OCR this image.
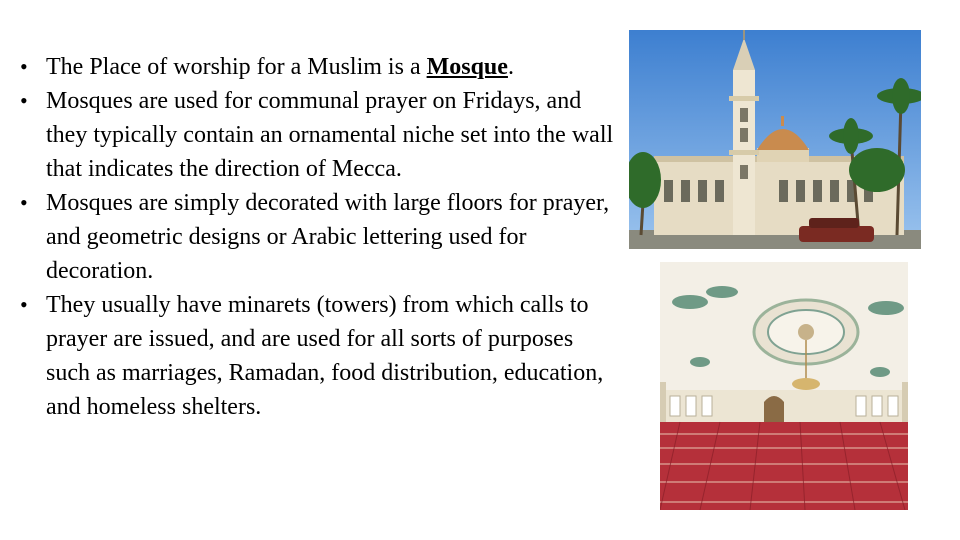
• The Place of worship for a Muslim is a Mosque.
• Mosques are used for communal prayer on Fridays, and they typically contain an ornamental niche set into the wall that indicates the direction of Mecca.
• Mosques are simply decorated with large floors for prayer, and geometric designs or Arabic lettering used for decoration.
• They usually have minarets (towers) from which calls to prayer are issued, and are used for all sorts of purposes such as marriages, Ramadan, food distribution, education, and homeless shelters.
